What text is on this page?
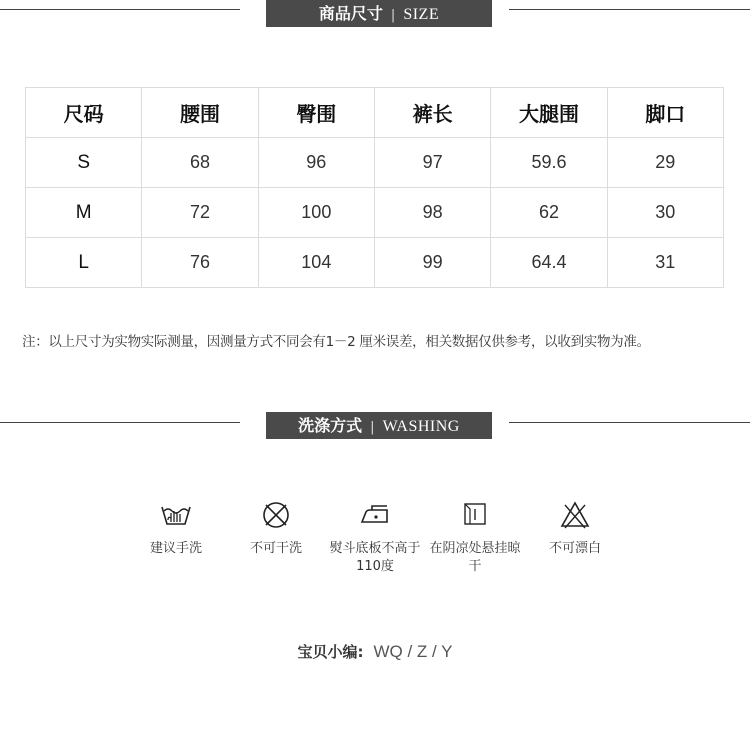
商品尺寸 | SIZE
尺码	腰围	臀围	裤长	大腿围	脚口
S	68	96	97	59.6	29
M	72	100	98	62	30
L	76	104	99	64.4	31
注：以上尺寸为实物实际测量，因测量方式不同会有1－2 厘米误差，相关数据仅供参考，以收到实物为准。
洗涤方式 | WASHING
建议手洗	不可干洗	熨斗底板不高于
110度
在阴凉处悬挂晾
干
不可漂白
宝贝小编: WQ / Z / Y
